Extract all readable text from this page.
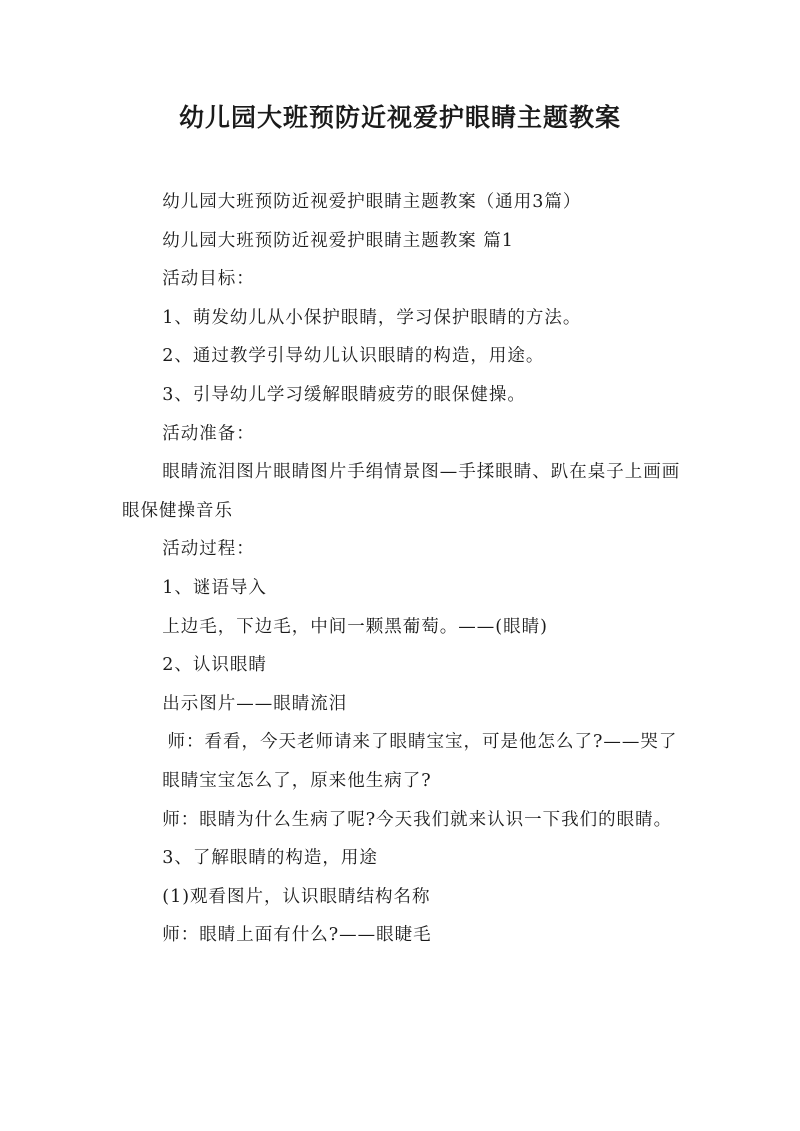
幼儿园大班预防近视爱护眼睛主题教案

幼儿园大班预防近视爱护眼睛主题教案（通用3篇）

幼儿园大班预防近视爱护眼睛主题教案 篇1

活动目标：

1、萌发幼儿从小保护眼睛，学习保护眼睛的方法。

2、通过教学引导幼儿认识眼睛的构造，用途。

3、引导幼儿学习缓解眼睛疲劳的眼保健操。

活动准备：

眼睛流泪图片眼睛图片手绢情景图—手揉眼睛、趴在桌子上画画眼保健操音乐

活动过程：

1、谜语导入

上边毛，下边毛，中间一颗黑葡萄。——(眼睛)

2、认识眼睛

出示图片——眼睛流泪

师：看看，今天老师请来了眼睛宝宝，可是他怎么了?——哭了

眼睛宝宝怎么了，原来他生病了?

师：眼睛为什么生病了呢?今天我们就来认识一下我们的眼睛。

3、了解眼睛的构造，用途

(1)观看图片，认识眼睛结构名称

师：眼睛上面有什么?——眼睫毛
